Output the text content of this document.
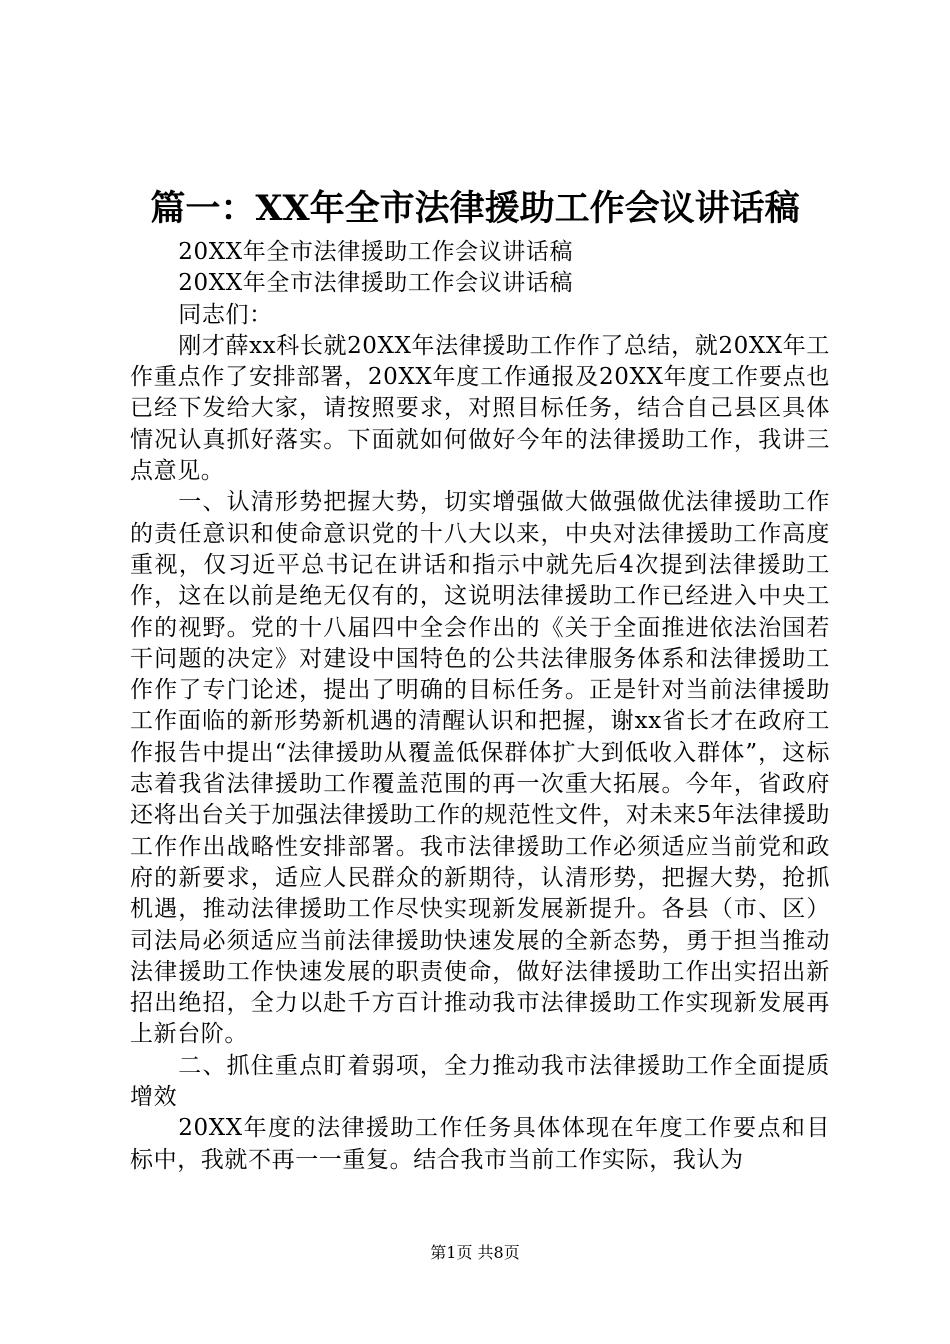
篇一：XX年全市法律援助工作会议讲话稿

20XX年全市法律援助工作会议讲话稿

20XX年全市法律援助工作会议讲话稿

同志们：

刚才薛xx科长就20XX年法律援助工作作了总结，就20XX年工作重点作了安排部署，20XX年度工作通报及20XX年度工作要点也已经下发给大家，请按照要求，对照目标任务，结合自己县区具体情况认真抓好落实。下面就如何做好今年的法律援助工作，我讲三点意见。

一、认清形势把握大势，切实增强做大做强做优法律援助工作的责任意识和使命意识党的十八大以来，中央对法律援助工作高度重视，仅习近平总书记在讲话和指示中就先后4次提到法律援助工作，这在以前是绝无仅有的，这说明法律援助工作已经进入中央工作的视野。党的十八届四中全会作出的《关于全面推进依法治国若干问题的决定》对建设中国特色的公共法律服务体系和法律援助工作作了专门论述，提出了明确的目标任务。正是针对当前法律援助工作面临的新形势新机遇的清醒认识和把握，谢xx省长才在政府工作报告中提出“法律援助从覆盖低保群体扩大到低收入群体”，这标志着我省法律援助工作覆盖范围的再一次重大拓展。今年，省政府还将出台关于加强法律援助工作的规范性文件，对未来5年法律援助工作作出战略性安排部署。我市法律援助工作必须适应当前党和政府的新要求，适应人民群众的新期待，认清形势，把握大势，抢抓机遇，推动法律援助工作尽快实现新发展新提升。各县（市、区）司法局必须适应当前法律援助快速发展的全新态势，勇于担当推动法律援助工作快速发展的职责使命，做好法律援助工作出实招出新招出绝招，全力以赴千方百计推动我市法律援助工作实现新发展再上新台阶。

二、抓住重点盯着弱项，全力推动我市法律援助工作全面提质增效

20XX年度的法律援助工作任务具体体现在年度工作要点和目标中，我就不再一一重复。结合我市当前工作实际，我认为

第1页 共8页
